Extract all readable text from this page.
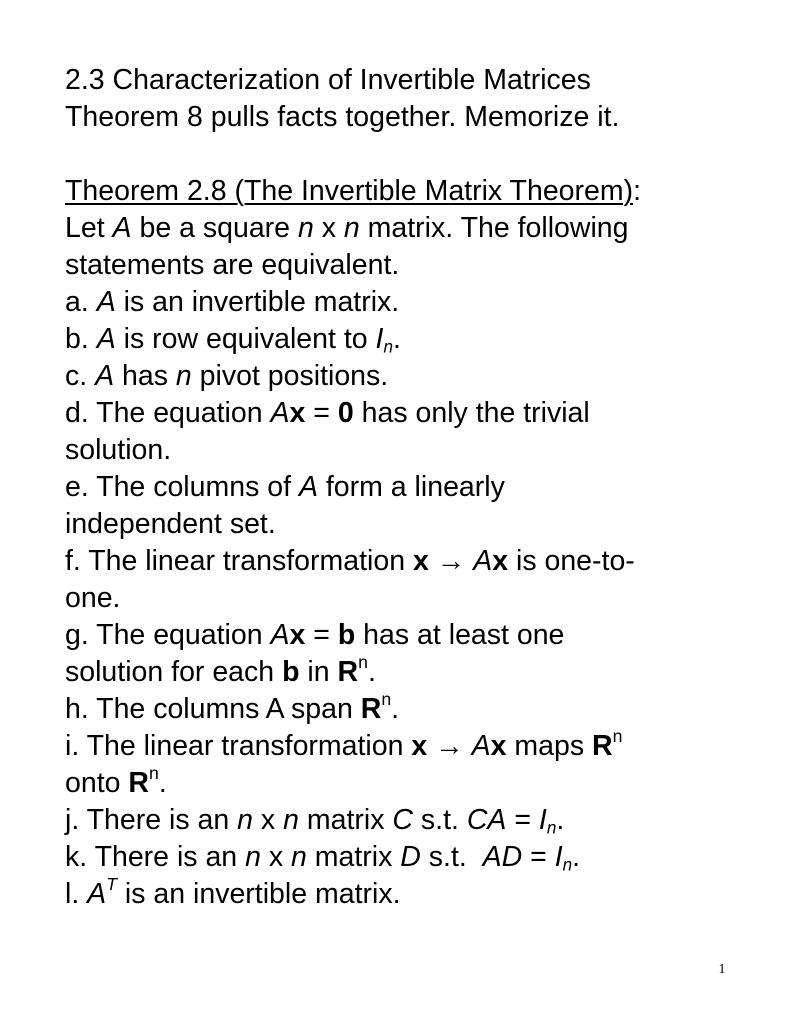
2.3 Characterization of Invertible Matrices
Theorem 8 pulls facts together. Memorize it.
Theorem 2.8 (The Invertible Matrix Theorem):
Let A be a square n x n matrix. The following
statements are equivalent.
a. A is an invertible matrix.
b. A is row equivalent to $I_n$.
c. A has n pivot positions.
d. The equation Ax = 0 has only the trivial
solution.
e. The columns of A form a linearly
independent set.
f. The linear transformation x → Ax is one-to-
one.
g. The equation Ax = b has at least one
solution for each b in $R^n$.
h. The columns A span $R^n$.
i. The linear transformation x → Ax maps $R^n$
onto $R^n$.
j. There is an n x n matrix C s.t. CA = $I_n$.
k. There is an n x n matrix D s.t.  AD = $I_n$.
l. $A^T$ is an invertible matrix.
1
